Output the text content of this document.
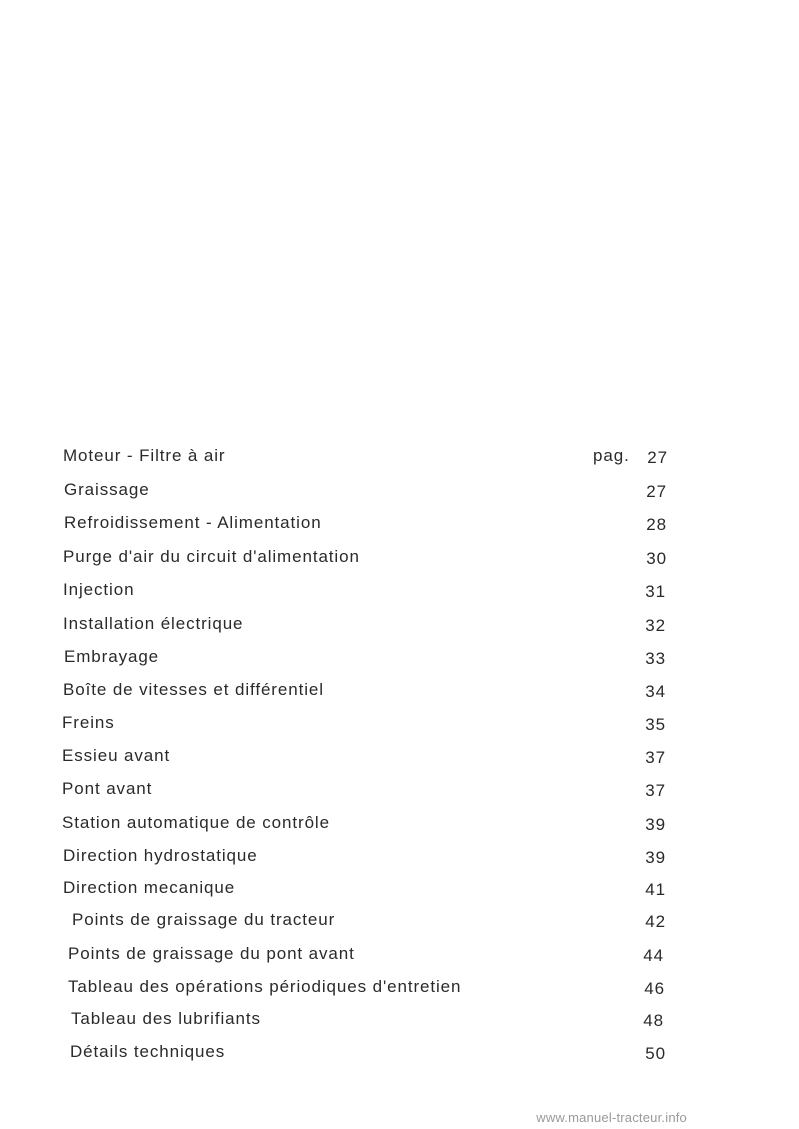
Moteur - Filtre à air	pag. 27
Graissage	27
Refroidissement - Alimentation	28
Purge d'air du circuit d'alimentation	30
Injection	31
Installation électrique	32
Embrayage	33
Boîte de vitesses et différentiel	34
Freins	35
Essieu avant	37
Pont avant	37
Station automatique de contrôle	39
Direction hydrostatique	39
Direction mecanique	41
Points de graissage du tracteur	42
Points de graissage du pont avant	44
Tableau des opérations périodiques d'entretien	46
Tableau des lubrifiants	48
Détails techniques	50
www.manuel-tracteur.info
